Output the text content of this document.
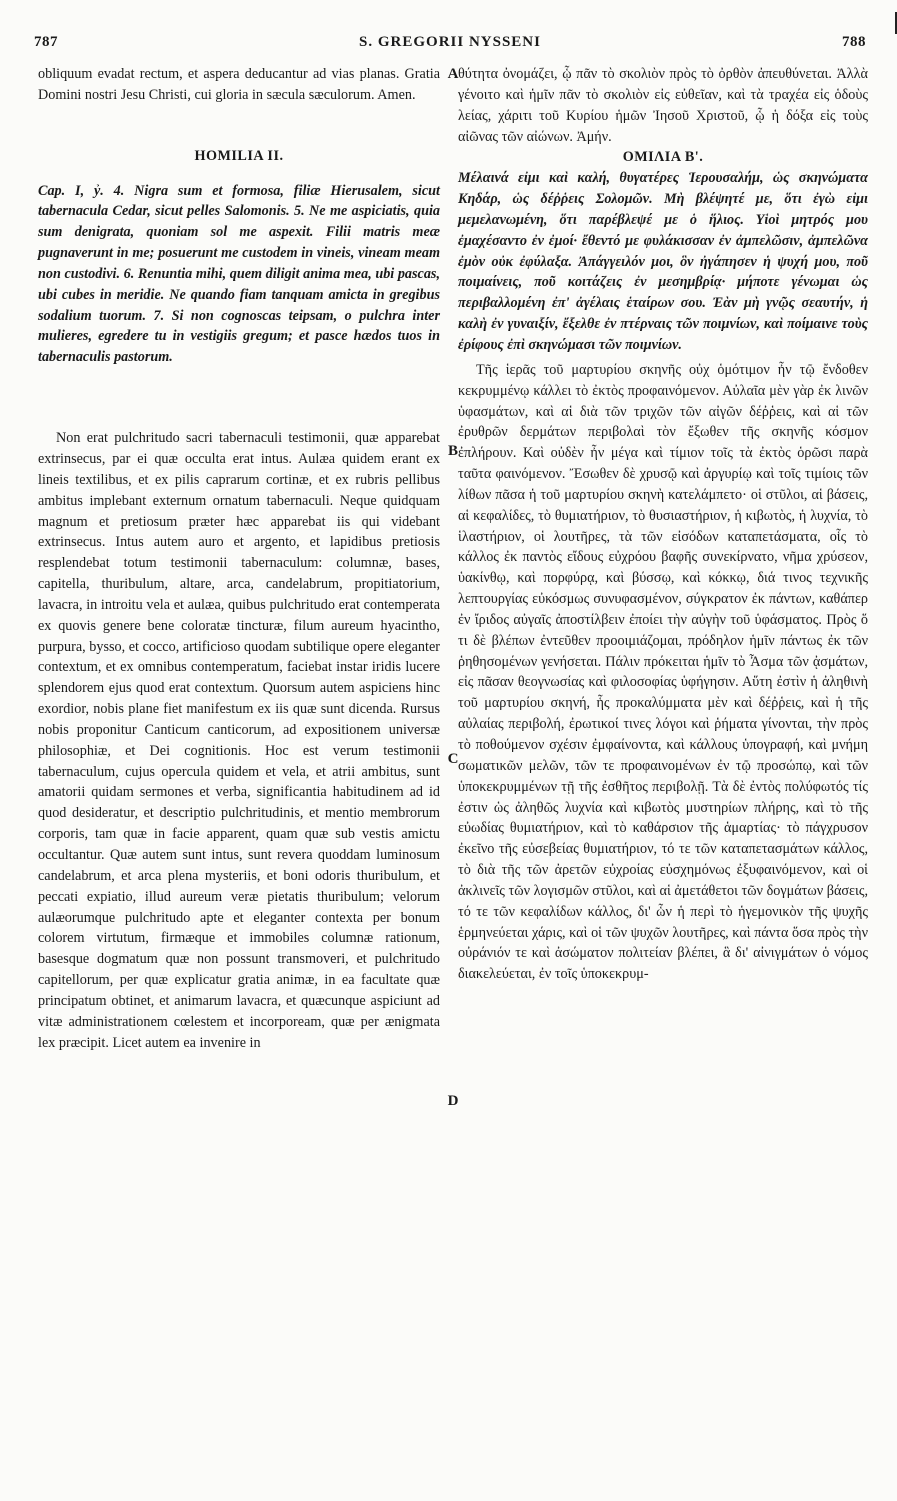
787	S. GREGORII NYSSENI	788
A
B
C
D

obliquum evadat rectum, et aspera deducantur ad vias planas. Gratia Domini nostri Jesu Christi, cui gloria in sæcula sæculorum. Amen.

HOMILIA II.

Cap. I, ỷ. 4. Nigra sum et formosa, filiæ Hierusalem, sicut tabernacula Cedar, sicut pelles Salomonis. 5. Ne me aspiciatis, quia sum denigrata, quoniam sol me aspexit. Filii matris meæ pugnaverunt in me; posuerunt me custodem in vineis, vineam meam non custodivi. 6. Renuntia mihi, quem diligit anima mea, ubi pascas, ubi cubes in meridie. Ne quando fiam tanquam amicta in gregibus sodalium tuorum. 7. Si non cognoscas teipsam, o pulchra inter mulieres, egredere tu in vestigiis gregum; et pasce hædos tuos in tabernaculis pastorum.

Non erat pulchritudo sacri tabernaculi testimonii, quæ apparebat extrinsecus, par ei quæ occulta erat intus. Aulæa quidem erant ex lineis textilibus, et ex pilis caprarum cortinæ, et ex rubris pellibus ambitus implebant externum ornatum tabernaculi. Neque quidquam magnum et pretiosum præter hæc apparebat iis qui videbant extrinsecus. Intus autem auro et argento, et lapidibus pretiosis resplendebat totum testimonii tabernaculum: columnæ, bases, capitella, thuribulum, altare, arca, candelabrum, propitiatorium, lavacra, in introitu vela et aulæa, quibus pulchritudo erat contemperata ex quovis genere bene coloratæ tincturæ, filum aureum hyacintho, purpura, bysso, et cocco, artificioso quodam subtilique opere eleganter contextum, et ex omnibus contemperatum, faciebat instar iridis lucere splendorem ejus quod erat contextum. Quorsum autem aspiciens hinc exordior, nobis plane fiet manifestum ex iis quæ sunt dicenda. Rursus nobis proponitur Canticum canticorum, ad expositionem universæ philosophiæ, et Dei cognitionis. Hoc est verum testimonii tabernaculum, cujus opercula quidem et vela, et atrii ambitus, sunt amatorii quidam sermones et verba, significantia habitudinem ad id quod desideratur, et descriptio pulchritudinis, et mentio membrorum corporis, tam quæ in facie apparent, quam quæ sub vestis amictu occultantur. Quæ autem sunt intus, sunt revera quoddam luminosum candelabrum, et arca plena mysteriis, et boni odoris thuribulum, et peccati expiatio, illud aureum veræ pietatis thuribulum; velorum aulæorumque pulchritudo apte et eleganter contexta per bonum colorem virtutum, firmæque et immobiles columnæ rationum, basesque dogmatum quæ non possunt transmoveri, et pulchritudo capitellorum, per quæ explicatur gratia animæ, in ea facultate quæ principatum obtinet, et animarum lavacra, et quæcunque aspiciunt ad vitæ administrationem cœlestem et incorpoream, quæ per ænigmata lex præcipit. Licet autem ea invenire in

θύτητα ὀνομάζει, ᾧ πᾶν τὸ σκολιὸν πρὸς τὸ ὀρθὸν ἀπευθύνεται. Ἀλλὰ γένοιτο καὶ ἡμῖν πᾶν τὸ σκολιὸν εἰς εὐθεῖαν, καὶ τὰ τραχέα εἰς ὁδοὺς λείας, χάριτι τοῦ Κυρίου ἡμῶν Ἰησοῦ Χριστοῦ, ᾧ ἡ δόξα εἰς τοὺς αἰῶνας τῶν αἰώνων. Ἀμήν.

ΟΜΙΛΙΑ Β'.

Μέλαινά εἰμι καὶ καλή, θυγατέρες Ἱερουσαλήμ, ὡς σκηνώματα Κηδάρ, ὡς δέῤῥεις Σολομῶν. Μὴ βλέψητέ με, ὅτι ἐγὼ εἰμι μεμελανωμένη, ὅτι παρέβλεψέ με ὁ ἥλιος. Υἱοὶ μητρός μου ἐμαχέσαντο ἐν ἐμοί· ἔθεντό με φυλάκισσαν ἐν ἀμπελῶσιν, ἀμπελῶνα ἐμὸν οὐκ ἐφύλαξα. Ἀπάγγειλόν μοι, ὃν ἠγάπησεν ἡ ψυχή μου, ποῦ ποιμαίνεις, ποῦ κοιτάζεις ἐν μεσημβρίᾳ· μήποτε γένωμαι ὡς περιβαλλομένη ἐπ' ἀγέλαις ἑταίρων σου. Ἐὰν μὴ γνῷς σεαυτήν, ἡ καλὴ ἐν γυναιξίν, ἔξελθε ἐν πτέρναις τῶν ποιμνίων, καὶ ποίμαινε τοὺς ἐρίφους ἐπὶ σκηνώμασι τῶν ποιμνίων.

Τῆς ἱερᾶς τοῦ μαρτυρίου σκηνῆς οὐχ ὁμότιμον ἦν τῷ ἔνδοθεν κεκρυμμένῳ κάλλει τὸ ἐκτὸς προφαινόμενον. Αὐλαῖα μὲν γὰρ ἐκ λινῶν ὑφασμάτων, καὶ αἱ διὰ τῶν τριχῶν τῶν αἰγῶν δέῤῥεις, καὶ αἱ τῶν ἐρυθρῶν δερμάτων περιβολαὶ τὸν ἔξωθεν τῆς σκηνῆς κόσμον ἐπλήρουν. Καὶ οὐδὲν ἦν μέγα καὶ τίμιον τοῖς τὰ ἐκτὸς ὁρῶσι παρὰ ταῦτα φαινόμενον. Ἔσωθεν δὲ χρυσῷ καὶ ἀργυρίῳ καὶ τοῖς τιμίοις τῶν λίθων πᾶσα ἡ τοῦ μαρτυρίου σκηνὴ κατελάμπετο· οἱ στῦλοι, αἱ βάσεις, αἱ κεφαλίδες, τὸ θυμιατήριον, τὸ θυσιαστήριον, ἡ κιβωτὸς, ἡ λυχνία, τὸ ἱλαστήριον, οἱ λουτῆρες, τὰ τῶν εἰσόδων καταπετάσματα, οἷς τὸ κάλλος ἐκ παντὸς εἴδους εὐχρόου βαφῆς συνεκίρνατο, νῆμα χρύσεον, ὑακίνθῳ, καὶ πορφύρᾳ, καὶ βύσσῳ, καὶ κόκκῳ, διά τινος τεχνικῆς λεπτουργίας εὐκόσμως συνυφασμένον, σύγκρατον ἐκ πάντων, καθάπερ ἐν ἴριδος αὐγαῖς ἀποστίλβειν ἐποίει τὴν αὐγὴν τοῦ ὑφάσματος. Πρὸς ὅ τι δὲ βλέπων ἐντεῦθεν προοιμιάζομαι, πρόδηλον ἡμῖν πάντως ἐκ τῶν ῥηθησομένων γενήσεται. Πάλιν πρόκειται ἡμῖν τὸ Ἆσμα τῶν ᾀσμάτων, εἰς πᾶσαν θεογνωσίας καὶ φιλοσοφίας ὑφήγησιν. Αὕτη ἐστὶν ἡ ἀληθινὴ τοῦ μαρτυρίου σκηνή, ἧς προκαλύμματα μὲν καὶ δέῤῥεις, καὶ ἡ τῆς αὐλαίας περιβολή, ἐρωτικοί τινες λόγοι καὶ ῥήματα γίνονται, τὴν πρὸς τὸ ποθούμενον σχέσιν ἐμφαίνοντα, καὶ κάλλους ὑπογραφή, καὶ μνήμη σωματικῶν μελῶν, τῶν τε προφαινομένων ἐν τῷ προσώπῳ, καὶ τῶν ὑποκεκρυμμένων τῇ τῆς ἐσθῆτος περιβολῇ. Τὰ δὲ ἐντὸς πολύφωτός τίς ἐστιν ὡς ἀληθῶς λυχνία καὶ κιβωτὸς μυστηρίων πλήρης, καὶ τὸ τῆς εὐωδίας θυμιατήριον, καὶ τὸ καθάρσιον τῆς ἁμαρτίας· τὸ πάγχρυσον ἐκεῖνο τῆς εὐσεβείας θυμιατήριον, τό τε τῶν καταπετασμάτων κάλλος, τὸ διὰ τῆς τῶν ἀρετῶν εὐχροίας εὐσχημόνως ἐξυφαινόμενον, καὶ οἱ ἀκλινεῖς τῶν λογισμῶν στῦλοι, καὶ αἱ ἀμετάθετοι τῶν δογμάτων βάσεις, τό τε τῶν κεφαλίδων κάλλος, δι' ὧν ἡ περὶ τὸ ἡγεμονικὸν τῆς ψυχῆς ἑρμηνεύεται χάρις, καὶ οἱ τῶν ψυχῶν λουτῆρες, καὶ πάντα ὅσα πρὸς τὴν οὐράνιόν τε καὶ ἀσώματον πολιτείαν βλέπει, ἃ δι' αἰνιγμάτων ὁ νόμος διακελεύεται, ἐν τοῖς ὑποκεκρυμ-
